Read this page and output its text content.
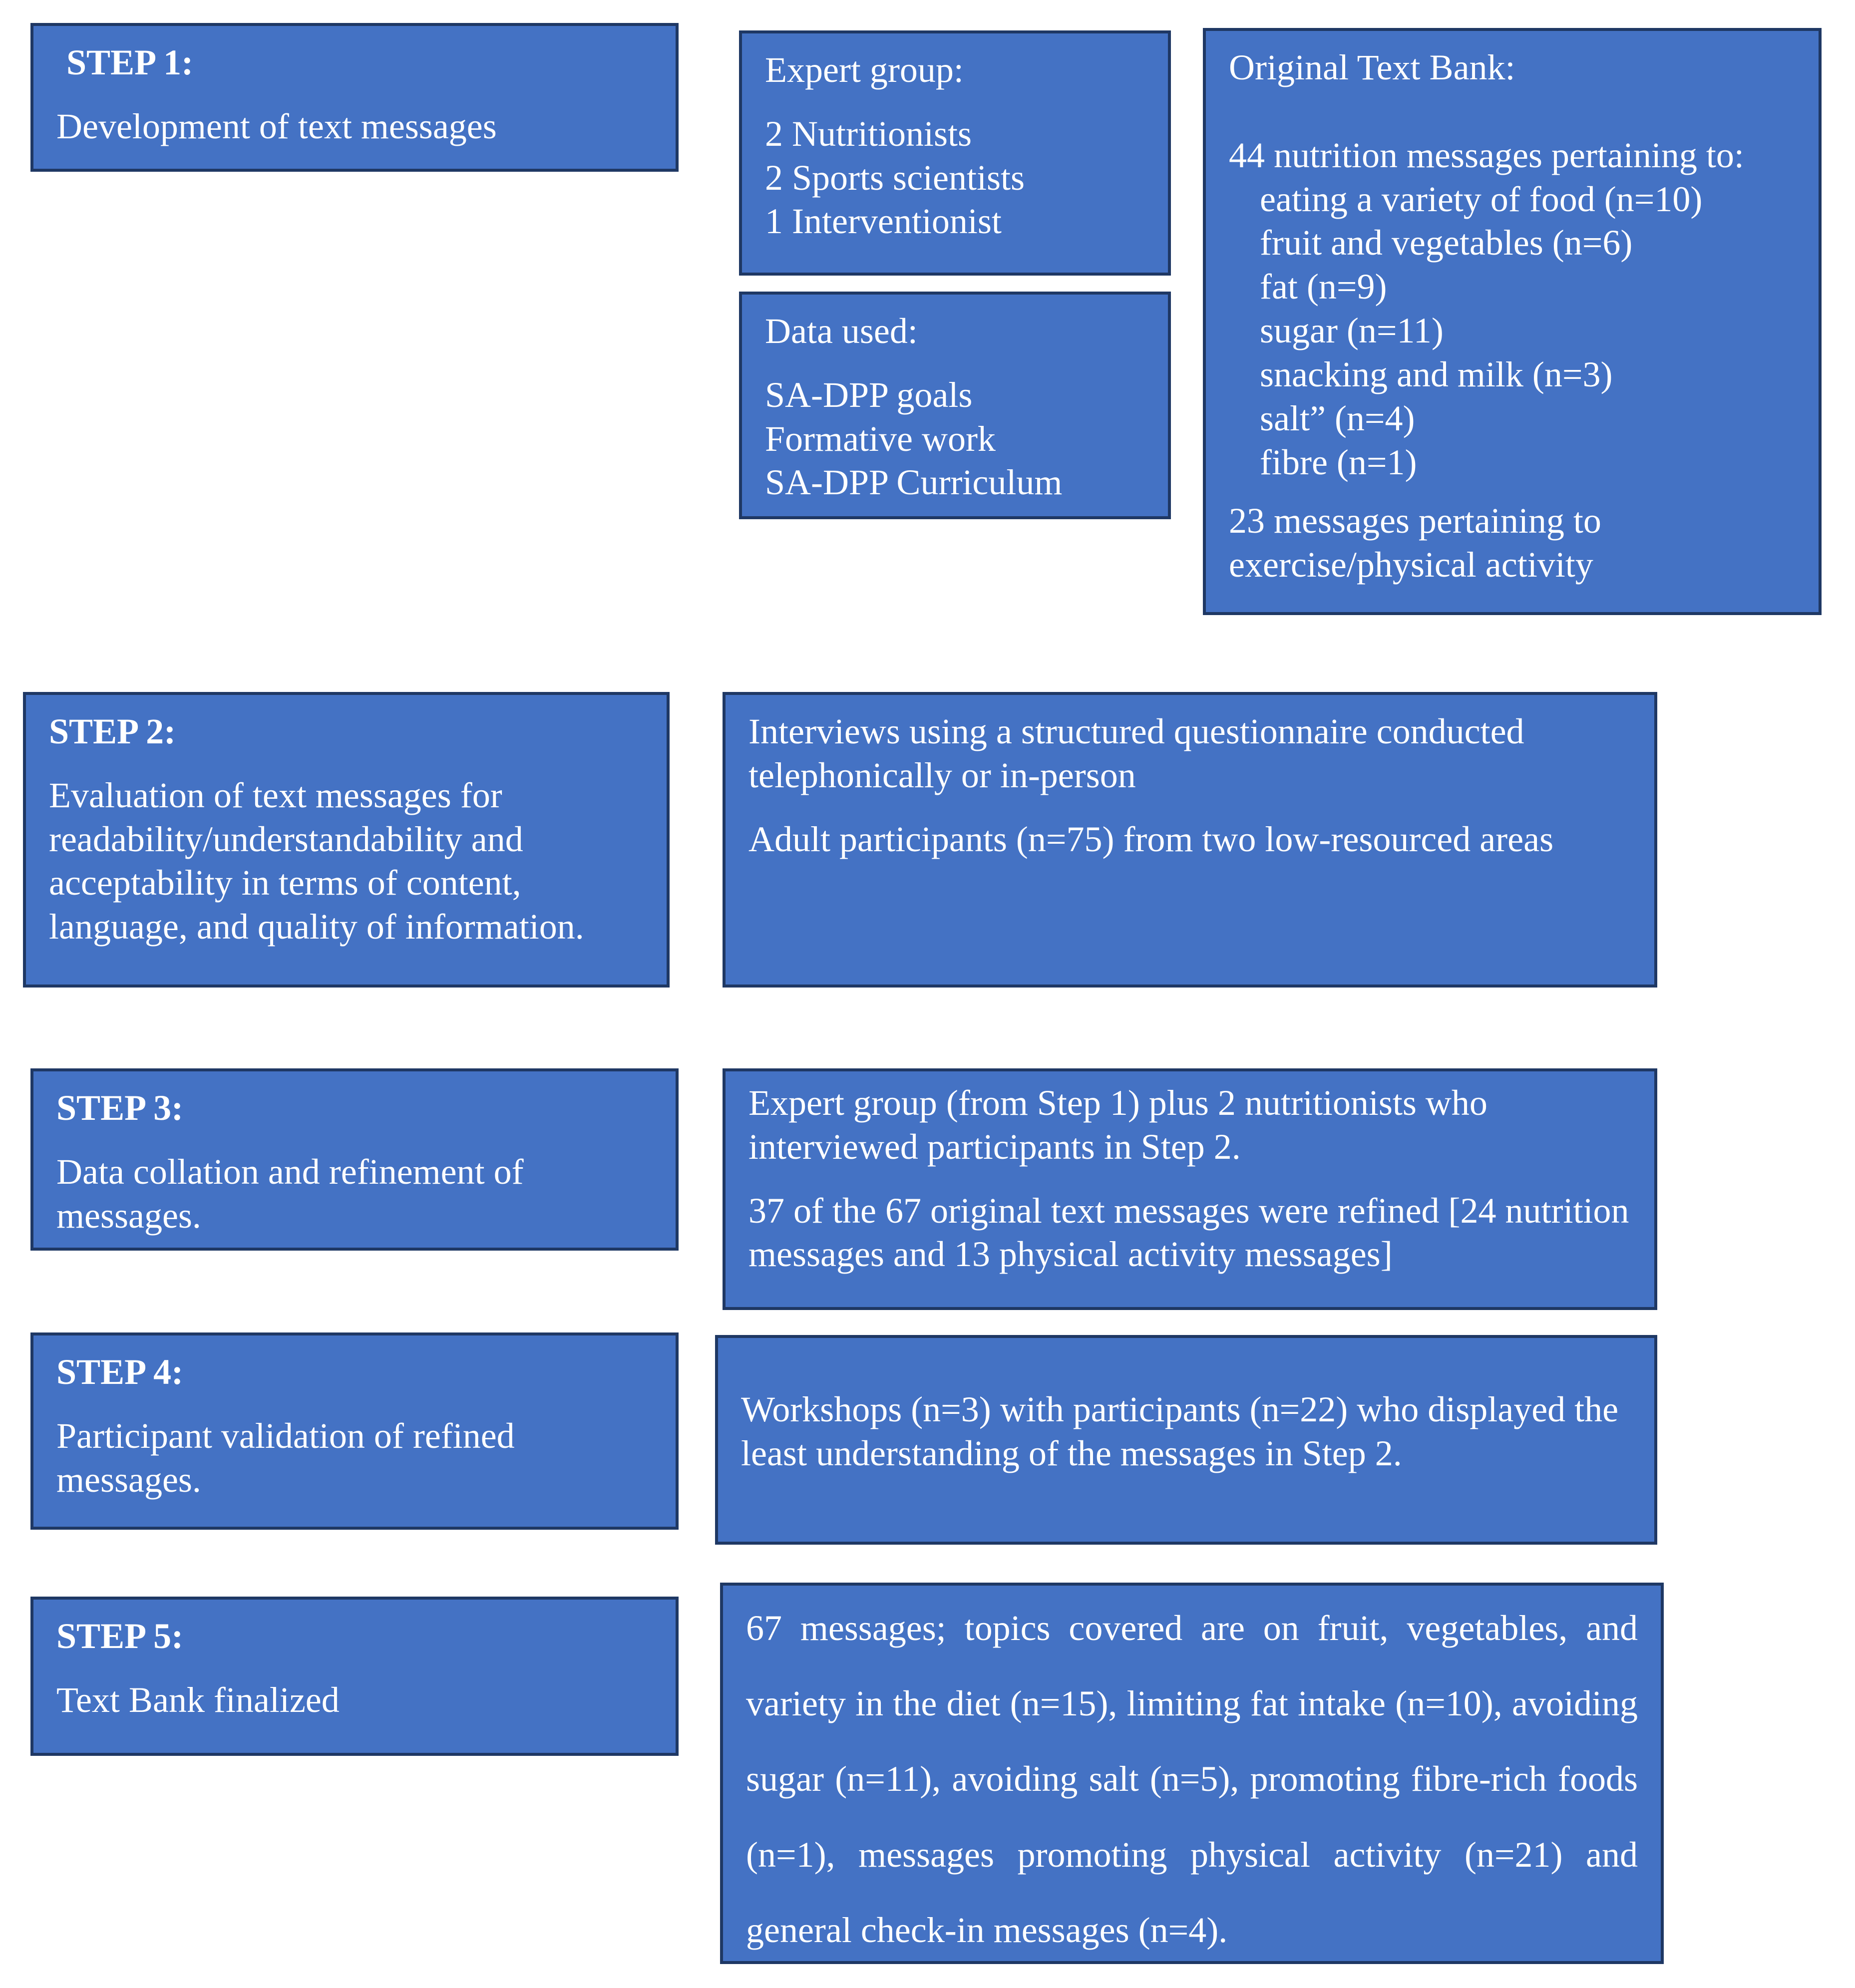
STEP 1:

Development of text messages

Expert group:

2 Nutritionists

2 Sports scientists

1 Interventionist

Data used:

SA-DPP goals

Formative work

SA-DPP Curriculum

Original Text Bank:

44 nutrition messages pertaining to:

eating a variety of food (n=10)

fruit and vegetables (n=6)

fat (n=9)

sugar (n=11)

snacking and milk (n=3)

salt” (n=4)

fibre (n=1)

23 messages pertaining to exercise/physical activity

STEP 2:

Evaluation of text messages for readability/understandability and acceptability in terms of content, language, and quality of information.

Interviews using a structured questionnaire conducted telephonically or in-person

Adult participants (n=75) from two low-resourced areas

STEP 3:

Data collation and refinement of messages.

Expert group (from Step 1) plus 2 nutritionists who interviewed participants in Step 2.

37 of the 67 original text messages were refined [24 nutrition messages and 13 physical activity messages]

STEP 4:

Participant validation of refined messages.

Workshops (n=3) with participants (n=22) who displayed the least understanding of the messages in Step 2.

STEP 5:

Text Bank finalized

67 messages; topics covered are on fruit, vegetables, and variety in the diet (n=15), limiting fat intake (n=10), avoiding sugar (n=11), avoiding salt (n=5), promoting fibre-rich foods (n=1), messages promoting physical activity (n=21) and general check-in messages (n=4).
